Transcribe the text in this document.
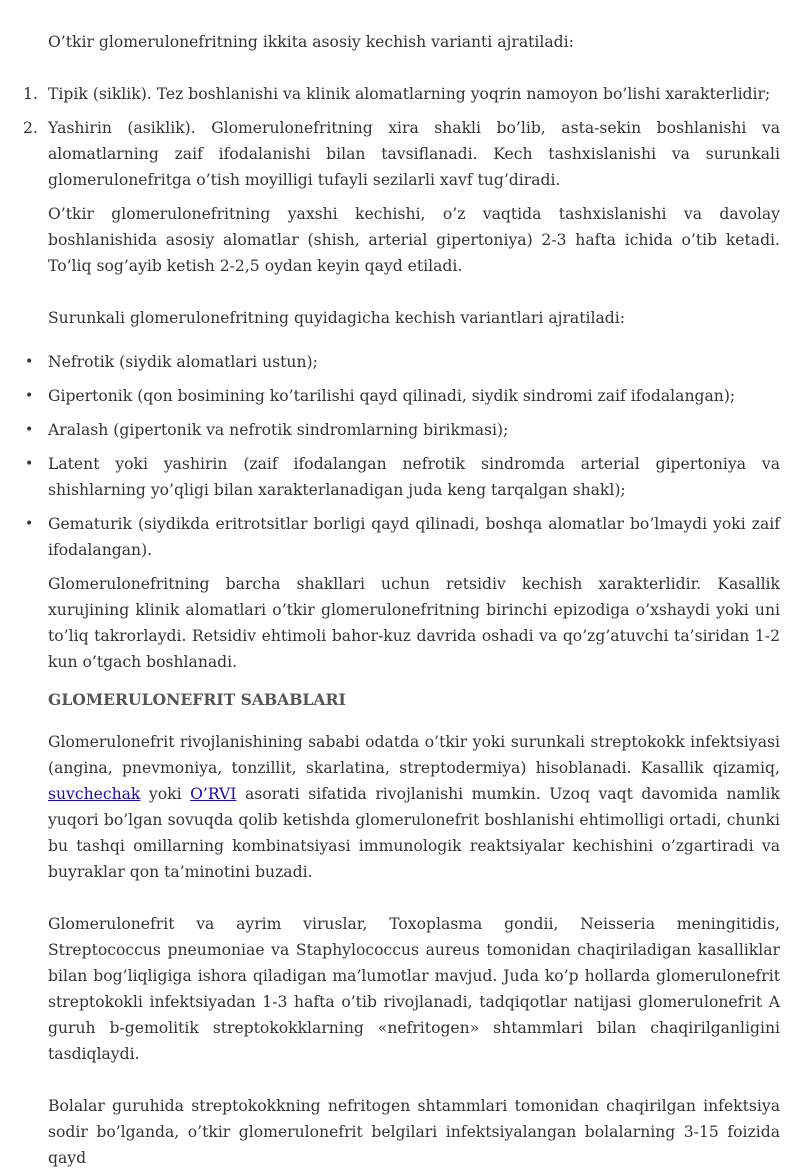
O’tkir glomerulonefritning ikkita asosiy kechish varianti ajratiladi:

1. Tipik (siklik). Tez boshlanishi va klinik alomatlarning yoqrin namoyon bo’lishi xarakterlidir;
2. Yashirin (asiklik). Glomerulonefritning xira shakli bo’lib, asta-sekin boshlanishi va alomatlarning zaif ifodalanishi bilan tavsiflanadi. Kech tashxislanishi va surunkali glomerulonefritga o’tish moyilligi tufayli sezilarli xavf tug’diradi.

O’tkir glomerulonefritning yaxshi kechishi, o’z vaqtida tashxislanishi va davolay boshlanishida asosiy alomatlar (shish, arterial gipertoniya) 2-3 hafta ichida o’tib ketadi. To’liq sog’ayib ketish 2-2,5 oydan keyin qayd etiladi.

Surunkali glomerulonefritning quyidagicha kechish variantlari ajratiladi:

• Nefrotik (siydik alomatlari ustun);
• Gipertonik (qon bosimining ko’tarilishi qayd qilinadi, siydik sindromi zaif ifodalangan);
• Aralash (gipertonik va nefrotik sindromlarning birikmasi);
• Latent yoki yashirin (zaif ifodalangan nefrotik sindromda arterial gipertoniya va shishlarning yo’qligi bilan xarakterlanadigan juda keng tarqalgan shakl);
• Gematurik (siydikda eritrotsitlar borligi qayd qilinadi, boshqa alomatlar bo’lmaydi yoki zaif ifodalangan).

Glomerulonefritning barcha shakllari uchun retsidiv kechish xarakterlidir. Kasallik xurujining klinik alomatlari o’tkir glomerulonefritning birinchi epizodiga o’xshaydi yoki uni to’liq takrorlaydi. Retsidiv ehtimoli bahor-kuz davrida oshadi va qo’zg’atuvchi ta’siridan 1-2 kun o’tgach boshlanadi.

GLOMERULONEFRIT SABABLARI

Glomerulonefrit rivojlanishining sababi odatda o’tkir yoki surunkali streptokokk infektsiyasi (angina, pnevmoniya, tonzillit, skarlatina, streptodermiya) hisoblanadi. Kasallik qizamiq, suvchechak yoki O’RVI asorati sifatida rivojlanishi mumkin. Uzoq vaqt davomida namlik yuqori bo’lgan sovuqda qolib ketishda glomerulonefrit boshlanishi ehtimolligi ortadi, chunki bu tashqi omillarning kombinatsiyasi immunologik reaktsiyalar kechishini o’zgartiradi va buyraklar qon ta’minotini buzadi.

Glomerulonefrit va ayrim viruslar, Toxoplasma gondii, Neisseria meningitidis, Streptococcus pneumoniae va Staphylococcus aureus tomonidan chaqiriladigan kasalliklar bilan bog’liqligiga ishora qiladigan ma’lumotlar mavjud. Juda ko’p hollarda glomerulonefrit streptokokli infektsiyadan 1-3 hafta o’tib rivojlanadi, tadqiqotlar natijasi glomerulonefrit A guruh b-gemolitik streptokokklarning «nefritogen» shtammlari bilan chaqirilganligini tasdiqlaydi.

Bolalar guruhida streptokokkning nefritogen shtammlari tomonidan chaqirilgan infektsiya sodir bo’lganda, o’tkir glomerulonefrit belgilari infektsiyalangan bolalarning 3-15 foizida qayd
